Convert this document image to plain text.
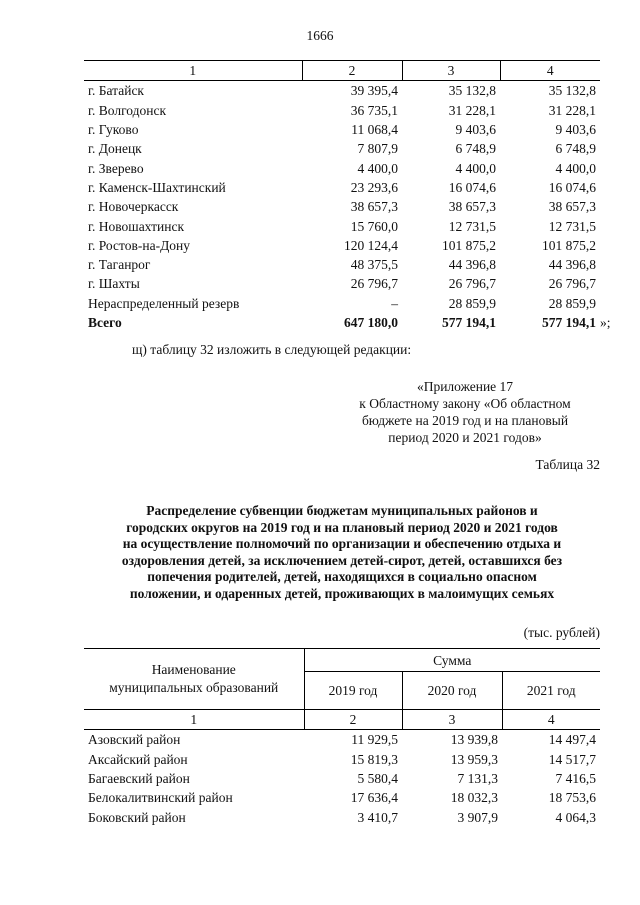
1666
1	2	3	4
г. Батайск	39 395,4	35 132,8	35 132,8
г. Волгодонск	36 735,1	31 228,1	31 228,1
г. Гуково	11 068,4	9 403,6	9 403,6
г. Донецк	7 807,9	6 748,9	6 748,9
г. Зверево	4 400,0	4 400,0	4 400,0
г. Каменск-Шахтинский	23 293,6	16 074,6	16 074,6
г. Новочеркасск	38 657,3	38 657,3	38 657,3
г. Новошахтинск	15 760,0	12 731,5	12 731,5
г. Ростов-на-Дону	120 124,4	101 875,2	101 875,2
г. Таганрог	48 375,5	44 396,8	44 396,8
г. Шахты	26 796,7	26 796,7	26 796,7
Нераспределенный резерв	–	28 859,9	28 859,9
Всего	647 180,0	577 194,1	577 194,1 »;
щ) таблицу 32 изложить в следующей редакции:
«Приложение 17
к Областному закону «Об областном
бюджете на 2019 год и на плановый
период 2020 и 2021 годов»
Таблица 32
Распределение субвенции бюджетам муниципальных районов и
городских округов на 2019 год и на плановый период 2020 и 2021 годов
на осуществление полномочий по организации и обеспечению отдыха и
оздоровления детей, за исключением детей-сирот, детей, оставшихся без
попечения родителей, детей, находящихся в социально опасном
положении, и одаренных детей, проживающих в малоимущих семьях
(тыс. рублей)
Наименование
муниципальных образований	Сумма		
	2019 год	2020 год	2021 год
1	2	3	4
Азовский район	11 929,5	13 939,8	14 497,4
Аксайский район	15 819,3	13 959,3	14 517,7
Багаевский район	5 580,4	7 131,3	7 416,5
Белокалитвинский район	17 636,4	18 032,3	18 753,6
Боковский район	3 410,7	3 907,9	4 064,3
